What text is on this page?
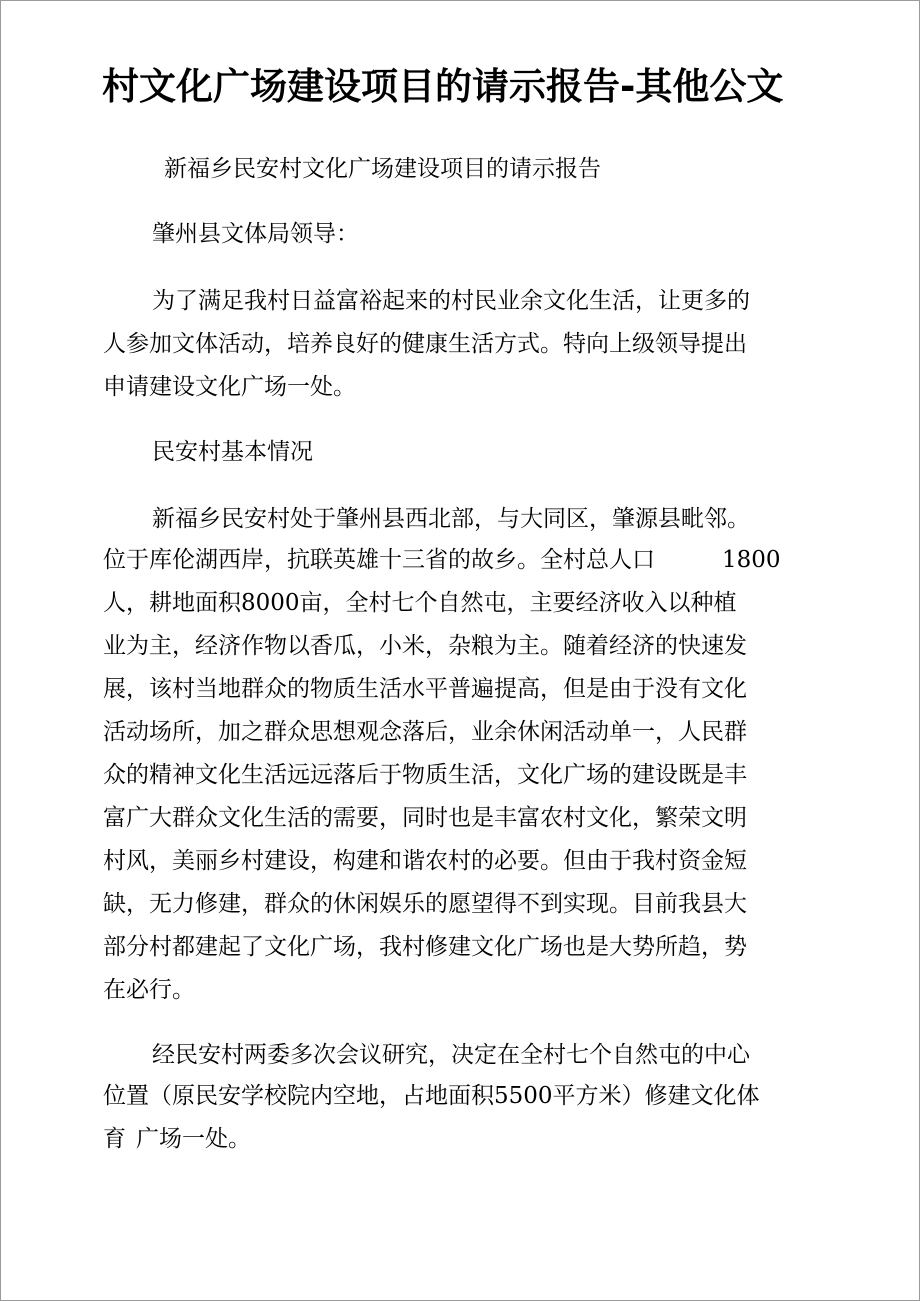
村文化广场建设项目的请示报告-其他公文

新福乡民安村文化广场建设项目的请示报告

肇州县文体局领导：

为了满足我村日益富裕起来的村民业余文化生活，让更多的

人参加文体活动，培养良好的健康生活方式。特向上级领导提出

申请建设文化广场一处。

民安村基本情况

新福乡民安村处于肇州县西北部，与大同区，肇源县毗邻。

位于库伦湖西岸，抗联英雄十三省的故乡。全村总人口	1800

人，耕地面积8000亩，全村七个自然屯，主要经济收入以种植

业为主，经济作物以香瓜，小米，杂粮为主。随着经济的快速发

展，该村当地群众的物质生活水平普遍提高，但是由于没有文化

活动场所，加之群众思想观念落后，业余休闲活动单一，人民群

众的精神文化生活远远落后于物质生活，文化广场的建设既是丰

富广大群众文化生活的需要，同时也是丰富农村文化，繁荣文明

村风，美丽乡村建设，构建和谐农村的必要。但由于我村资金短

缺，无力修建，群众的休闲娱乐的愿望得不到实现。目前我县大

部分村都建起了文化广场，我村修建文化广场也是大势所趋，势

在必行。

经民安村两委多次会议研究，决定在全村七个自然屯的中心

位置（原民安学校院内空地，占地面积5500平方米）修建文化体

育 广场一处。
